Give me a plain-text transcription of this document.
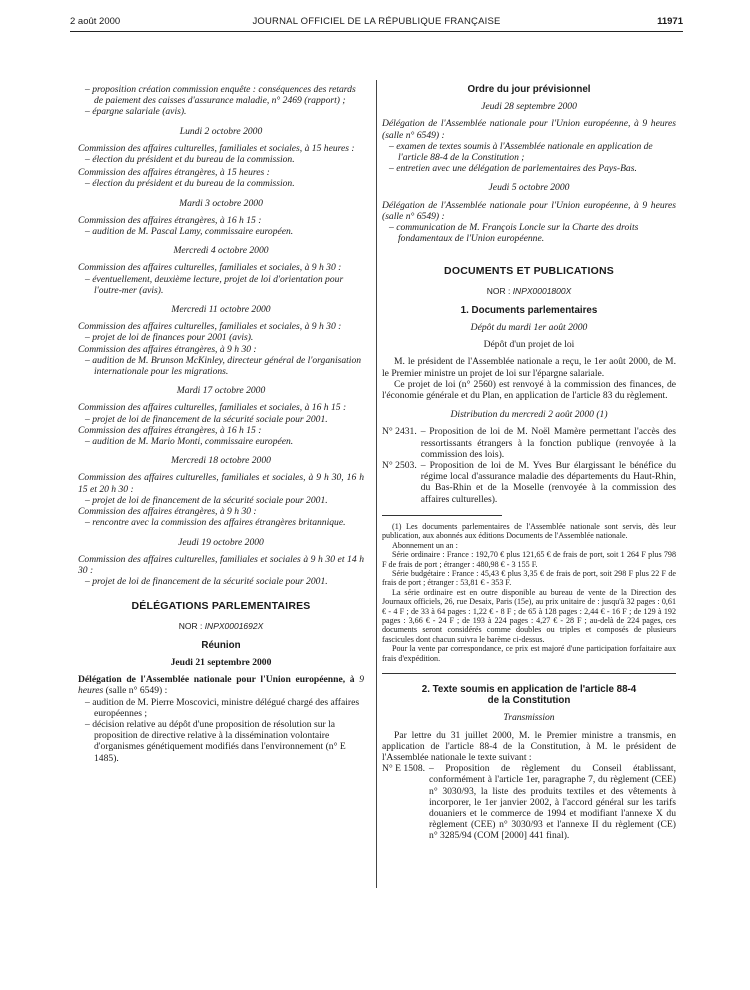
2 août 2000	JOURNAL OFFICIEL DE LA RÉPUBLIQUE FRANÇAISE	11971

– proposition création commission enquête : conséquences des retards de paiement des caisses d'assurance maladie, n° 2469 (rapport) ;

– épargne salariale (avis).

Lundi 2 octobre 2000

Commission des affaires culturelles, familiales et sociales, à 15 heures :

– élection du président et du bureau de la commission.

Commission des affaires étrangères, à 15 heures :

– élection du président et du bureau de la commission.

Mardi 3 octobre 2000

Commission des affaires étrangères, à 16 h 15 :

– audition de M. Pascal Lamy, commissaire européen.

Mercredi 4 octobre 2000

Commission des affaires culturelles, familiales et sociales, à 9 h 30 :

– éventuellement, deuxième lecture, projet de loi d'orientation pour l'outre-mer (avis).

Mercredi 11 octobre 2000

Commission des affaires culturelles, familiales et sociales, à 9 h 30 :

– projet de loi de finances pour 2001 (avis).

Commission des affaires étrangères, à 9 h 30 :

– audition de M. Brunson McKinley, directeur général de l'organisation internationale pour les migrations.

Mardi 17 octobre 2000

Commission des affaires culturelles, familiales et sociales, à 16 h 15 :

– projet de loi de financement de la sécurité sociale pour 2001.

Commission des affaires étrangères, à 16 h 15 :

– audition de M. Mario Monti, commissaire européen.

Mercredi 18 octobre 2000

Commission des affaires culturelles, familiales et sociales, à 9 h 30, 16 h 15 et 20 h 30 :

– projet de loi de financement de la sécurité sociale pour 2001.

Commission des affaires étrangères, à 9 h 30 :

– rencontre avec la commission des affaires étrangères britannique.

Jeudi 19 octobre 2000

Commission des affaires culturelles, familiales et sociales à 9 h 30 et 14 h 30 :

– projet de loi de financement de la sécurité sociale pour 2001.

DÉLÉGATIONS PARLEMENTAIRES
NOR : INPX0001692X
Réunion
Jeudi 21 septembre 2000

Délégation de l'Assemblée nationale pour l'Union européenne, à 9 heures (salle n° 6549) :

– audition de M. Pierre Moscovici, ministre délégué chargé des affaires européennes ;

– décision relative au dépôt d'une proposition de résolution sur la proposition de directive relative à la dissémination volontaire d'organismes génétiquement modifiés dans l'environnement (n° E 1485).

Ordre du jour prévisionnel
Jeudi 28 septembre 2000

Délégation de l'Assemblée nationale pour l'Union européenne, à 9 heures (salle n° 6549) :

– examen de textes soumis à l'Assemblée nationale en application de l'article 88-4 de la Constitution ;

– entretien avec une délégation de parlementaires des Pays-Bas.

Jeudi 5 octobre 2000

Délégation de l'Assemblée nationale pour l'Union européenne, à 9 heures (salle n° 6549) :

– communication de M. François Loncle sur la Charte des droits fondamentaux de l'Union européenne.

DOCUMENTS ET PUBLICATIONS
NOR : INPX0001800X
1. Documents parlementaires
Dépôt du mardi 1er août 2000
Dépôt d'un projet de loi

M. le président de l'Assemblée nationale a reçu, le 1er août 2000, de M. le Premier ministre un projet de loi sur l'épargne salariale.

Ce projet de loi (n° 2560) est renvoyé à la commission des finances, de l'économie générale et du Plan, en application de l'article 83 du règlement.

Distribution du mercredi 2 août 2000 (1)
N° 2431. – Proposition de loi de M. Noël Mamère permettant l'accès des ressortissants étrangers à la fonction publique (renvoyée à la commission des lois).
N° 2503. – Proposition de loi de M. Yves Bur élargissant le bénéfice du régime local d'assurance maladie des départements du Haut-Rhin, du Bas-Rhin et de la Moselle (renvoyée à la commission des affaires culturelles).

(1) Les documents parlementaires de l'Assemblée nationale sont servis, dès leur publication, aux abonnés aux éditions Documents de l'Assemblée nationale.

Abonnement un an :

Série ordinaire : France : 192,70 € plus 121,65 € de frais de port, soit 1 264 F plus 798 F de frais de port ; étranger : 480,98 € - 3 155 F.

Série budgétaire : France : 45,43 € plus 3,35 € de frais de port, soit 298 F plus 22 F de frais de port ; étranger : 53,81 € - 353 F.

La série ordinaire est en outre disponible au bureau de vente de la Direction des Journaux officiels, 26, rue Desaix, Paris (15e), au prix unitaire de : jusqu'à 32 pages : 0,61 € - 4 F ; de 33 à 64 pages : 1,22 € - 8 F ; de 65 à 128 pages : 2,44 € - 16 F ; de 129 à 192 pages : 3,66 € - 24 F ; de 193 à 224 pages : 4,27 € - 28 F ; au-delà de 224 pages, ces documents seront considérés comme doubles ou triples et composés de plusieurs fascicules dont chacun suivra le barème ci-dessus.

Pour la vente par correspondance, ce prix est majoré d'une participation forfaitaire aux frais d'expédition.

2. Texte soumis en application de l'article 88-4
de la Constitution
Transmission

Par lettre du 31 juillet 2000, M. le Premier ministre a transmis, en application de l'article 88-4 de la Constitution, à M. le président de l'Assemblée nationale le texte suivant :

N° E 1508. – Proposition de règlement du Conseil établissant, conformément à l'article 1er, paragraphe 7, du règlement (CEE) n° 3030/93, la liste des produits textiles et des vêtements à incorporer, le 1er janvier 2002, à l'accord général sur les tarifs douaniers et le commerce de 1994 et modifiant l'annexe X du règlement (CEE) n° 3030/93 et l'annexe II du règlement (CE) n° 3285/94 (COM [2000] 441 final).
